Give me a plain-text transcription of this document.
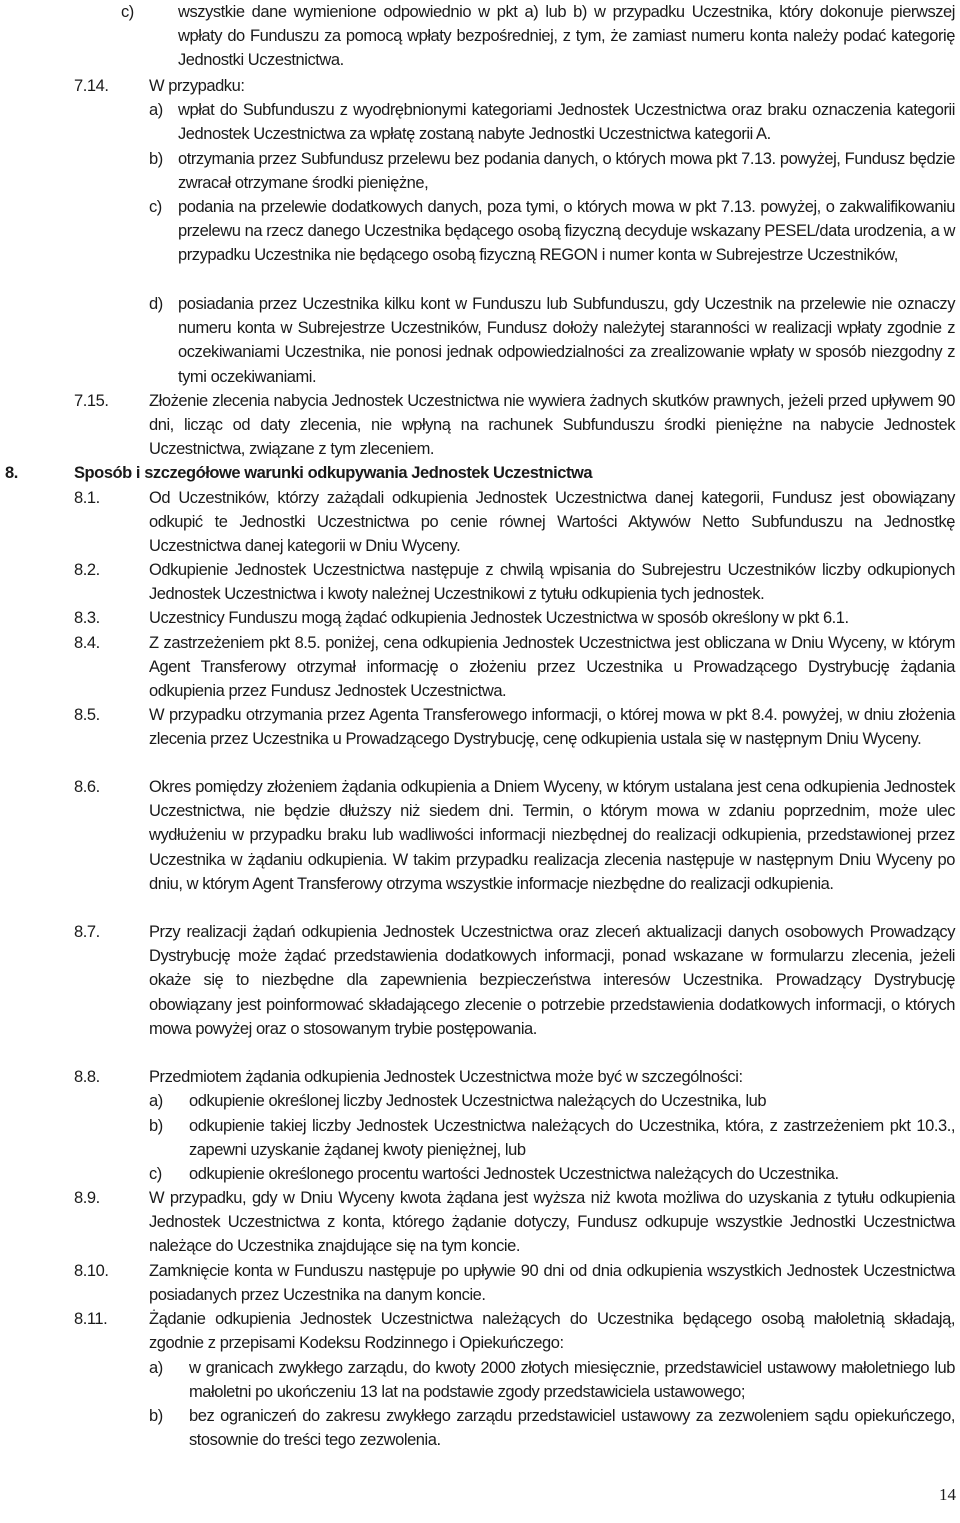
c)	wszystkie dane wymienione odpowiednio w pkt a) lub b) w przypadku Uczestnika, który dokonuje pierwszej wpłaty do Funduszu za pomocą wpłaty bezpośredniej, z tym, że zamiast numeru konta należy podać kategorię Jednostki Uczestnictwa.
7.14. W przypadku:
a) wpłat do Subfunduszu z wyodrębnionymi kategoriami Jednostek Uczestnictwa oraz braku oznaczenia kategorii Jednostek Uczestnictwa za wpłatę zostaną nabyte Jednostki Uczestnictwa kategorii A.
b) otrzymania przez Subfundusz przelewu bez podania danych, o których mowa pkt 7.13. powyżej, Fundusz będzie zwracał otrzymane środki pieniężne,
c) podania na przelewie dodatkowych danych, poza tymi, o których mowa w pkt 7.13. powyżej, o zakwalifikowaniu przelewu na rzecz danego Uczestnika będącego osobą fizyczną decyduje wskazany PESEL/data urodzenia, a w przypadku Uczestnika nie będącego osobą fizyczną REGON i numer konta w Subrejestrze Uczestników,
d) posiadania przez Uczestnika kilku kont w Funduszu lub Subfunduszu, gdy Uczestnik na przelewie nie oznaczy numeru konta w Subrejestrze Uczestników, Fundusz dołoży należytej staranności w realizacji wpłaty zgodnie z oczekiwaniami Uczestnika, nie ponosi jednak odpowiedzialności za zrealizowanie wpłaty w sposób niezgodny z tymi oczekiwaniami.
7.15. Złożenie zlecenia nabycia Jednostek Uczestnictwa nie wywiera żadnych skutków prawnych, jeżeli przed upływem 90 dni, licząc od daty zlecenia, nie wpłyną na rachunek Subfunduszu środki pieniężne na nabycie Jednostek Uczestnictwa, związane z tym zleceniem.
8.	Sposób i szczegółowe warunki odkupywania Jednostek Uczestnictwa
8.1.	Od Uczestników, którzy zażądali odkupienia Jednostek Uczestnictwa danej kategorii, Fundusz jest obowiązany odkupić te Jednostki Uczestnictwa po cenie równej Wartości Aktywów Netto Subfunduszu na Jednostkę Uczestnictwa danej kategorii w Dniu Wyceny.
8.2.	Odkupienie Jednostek Uczestnictwa następuje z chwilą wpisania do Subrejestru Uczestników liczby odkupionych Jednostek Uczestnictwa i kwoty należnej Uczestnikowi z tytułu odkupienia tych jednostek.
8.3.	Uczestnicy Funduszu mogą żądać odkupienia Jednostek Uczestnictwa w sposób określony w pkt 6.1.
8.4.	Z zastrzeżeniem pkt 8.5. poniżej, cena odkupienia Jednostek Uczestnictwa jest obliczana w Dniu Wyceny, w którym Agent Transferowy otrzymał informację o złożeniu przez Uczestnika u Prowadzącego Dystrybucję żądania odkupienia przez Fundusz Jednostek Uczestnictwa.
8.5.	W przypadku otrzymania przez Agenta Transferowego informacji, o której mowa w pkt 8.4. powyżej, w dniu złożenia zlecenia przez Uczestnika u Prowadzącego Dystrybucję, cenę odkupienia ustala się w następnym Dniu Wyceny.
8.6.	Okres pomiędzy złożeniem żądania odkupienia a Dniem Wyceny, w którym ustalana jest cena odkupienia Jednostek Uczestnictwa, nie będzie dłuższy niż siedem dni. Termin, o którym mowa w zdaniu poprzednim, może ulec wydłużeniu w przypadku braku lub wadliwości informacji niezbędnej do realizacji odkupienia, przedstawionej przez Uczestnika w żądaniu odkupienia. W takim przypadku realizacja zlecenia następuje w następnym Dniu Wyceny po dniu, w którym Agent Transferowy otrzyma wszystkie informacje niezbędne do realizacji odkupienia.
8.7.	Przy realizacji żądań odkupienia Jednostek Uczestnictwa oraz zleceń aktualizacji danych osobowych Prowadzący Dystrybucję może żądać przedstawienia dodatkowych informacji, ponad wskazane w formularzu zlecenia, jeżeli okaże się to niezbędne dla zapewnienia bezpieczeństwa interesów Uczestnika. Prowadzący Dystrybucję obowiązany jest poinformować składającego zlecenie o potrzebie przedstawienia dodatkowych informacji, o których mowa powyżej oraz o stosowanym trybie postępowania.
8.8.	Przedmiotem żądania odkupienia Jednostek Uczestnictwa może być w szczególności:
a) odkupienie określonej liczby Jednostek Uczestnictwa należących do Uczestnika, lub
b) odkupienie takiej liczby Jednostek Uczestnictwa należących do Uczestnika, która, z zastrzeżeniem pkt 10.3., zapewni uzyskanie żądanej kwoty pieniężnej, lub
c) odkupienie określonego procentu wartości Jednostek Uczestnictwa należących do Uczestnika.
8.9.	W przypadku, gdy w Dniu Wyceny kwota żądana jest wyższa niż kwota możliwa do uzyskania z tytułu odkupienia Jednostek Uczestnictwa z konta, którego żądanie dotyczy, Fundusz odkupuje wszystkie Jednostki Uczestnictwa należące do Uczestnika znajdujące się na tym koncie.
8.10. Zamknięcie konta w Funduszu następuje po upływie 90 dni od dnia odkupienia wszystkich Jednostek Uczestnictwa posiadanych przez Uczestnika na danym koncie.
8.11.	Żądanie odkupienia Jednostek Uczestnictwa należących do Uczestnika będącego osobą małoletnią składają, zgodnie z przepisami Kodeksu Rodzinnego i Opiekuńczego:
a) w granicach zwykłego zarządu, do kwoty 2000 złotych miesięcznie, przedstawiciel ustawowy małoletniego lub małoletni po ukończeniu 13 lat na podstawie zgody przedstawiciela ustawowego;
b) bez ograniczeń do zakresu zwykłego zarządu przedstawiciel ustawowy za zezwoleniem sądu opiekuńczego, stosownie do treści tego zezwolenia.
14
